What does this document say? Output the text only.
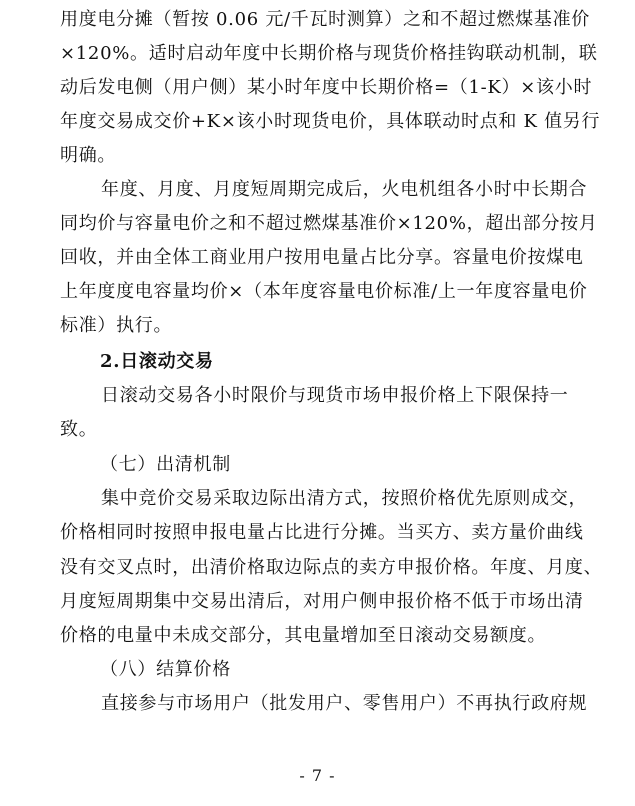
用度电分摊（暂按 0.06 元/千瓦时测算）之和不超过燃煤基准价
×120%。适时启动年度中长期价格与现货价格挂钩联动机制，联
动后发电侧（用户侧）某小时年度中长期价格=（1-K）×该小时
年度交易成交价+K×该小时现货电价，具体联动时点和 K 值另行
明确。
年度、月度、月度短周期完成后，火电机组各小时中长期合
同均价与容量电价之和不超过燃煤基准价×120%，超出部分按月
回收，并由全体工商业用户按用电量占比分享。容量电价按煤电
上年度度电容量均价×（本年度容量电价标准/上一年度容量电价
标准）执行。
2.日滚动交易
日滚动交易各小时限价与现货市场申报价格上下限保持一
致。
（七）出清机制
集中竞价交易采取边际出清方式，按照价格优先原则成交，
价格相同时按照申报电量占比进行分摊。当买方、卖方量价曲线
没有交叉点时，出清价格取边际点的卖方申报价格。年度、月度、
月度短周期集中交易出清后，对用户侧申报价格不低于市场出清
价格的电量中未成交部分，其电量增加至日滚动交易额度。
（八）结算价格
直接参与市场用户（批发用户、零售用户）不再执行政府规
- 7 -
